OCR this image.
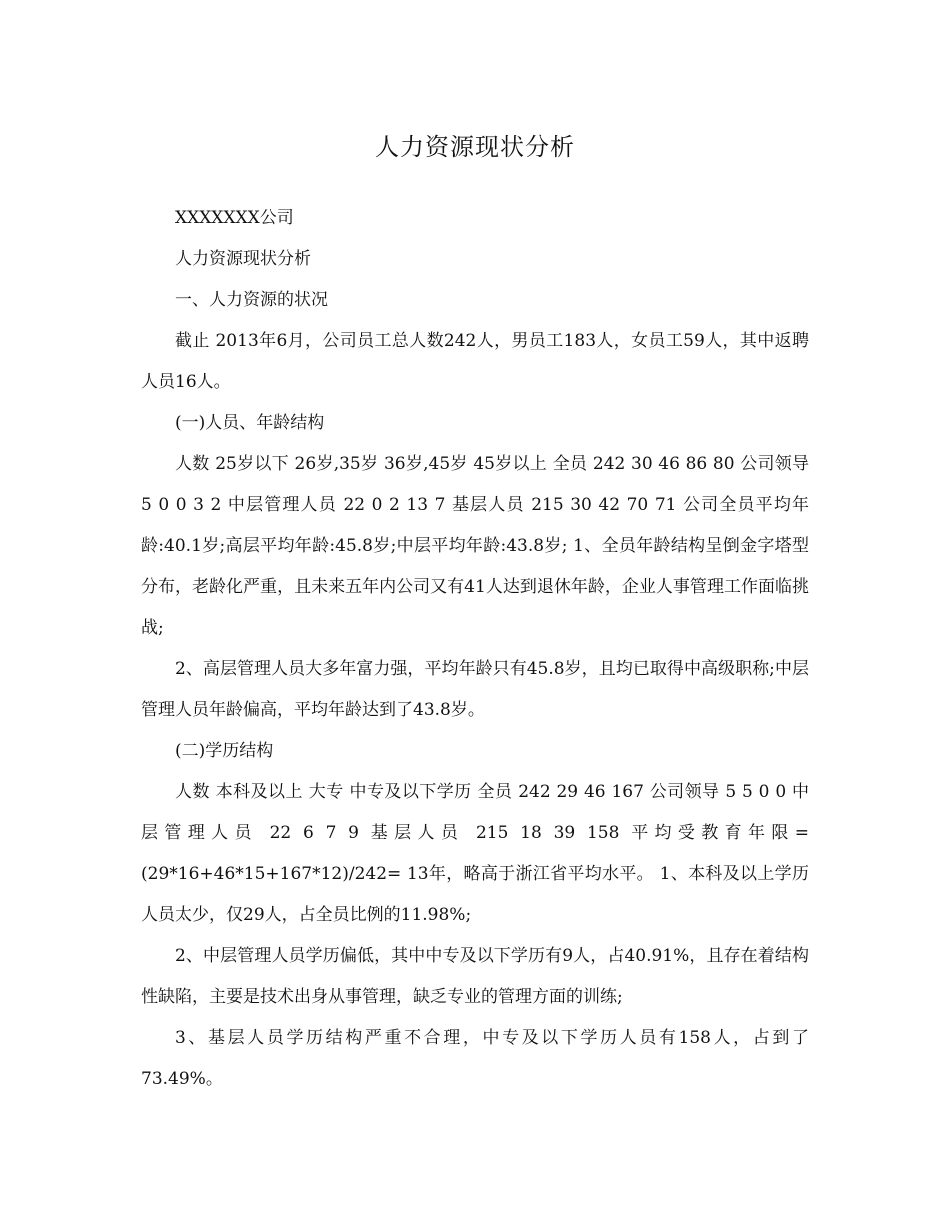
人力资源现状分析

XXXXXXX公司

人力资源现状分析

一、人力资源的状况

截止 2013年6月，公司员工总人数242人，男员工183人，女员工59人，其中返聘人员16人。

(一)人员、年龄结构

人数 25岁以下 26岁,35岁 36岁,45岁 45岁以上 全员 242 30 46 86 80 公司领导 5 0 0 3 2 中层管理人员 22 0 2 13 7 基层人员 215 30 42 70 71 公司全员平均年龄:40.1岁;高层平均年龄:45.8岁;中层平均年龄:43.8岁; 1、全员年龄结构呈倒金字塔型分布，老龄化严重，且未来五年内公司又有41人达到退休年龄，企业人事管理工作面临挑战;

2、高层管理人员大多年富力强，平均年龄只有45.8岁，且均已取得中高级职称;中层管理人员年龄偏高，平均年龄达到了43.8岁。

(二)学历结构

人数 本科及以上 大专 中专及以下学历 全员 242 29 46 167 公司领导 5 5 0 0 中层管理人员 22 6 7 9 基层人员 215 18 39 158 平均受教育年限=(29*16+46*15+167*12)/242= 13年，略高于浙江省平均水平。 1、本科及以上学历人员太少，仅29人，占全员比例的11.98%;

2、中层管理人员学历偏低，其中中专及以下学历有9人，占40.91%，且存在着结构性缺陷，主要是技术出身从事管理，缺乏专业的管理方面的训练;

3、基层人员学历结构严重不合理，中专及以下学历人员有158人，占到了73.49%。
